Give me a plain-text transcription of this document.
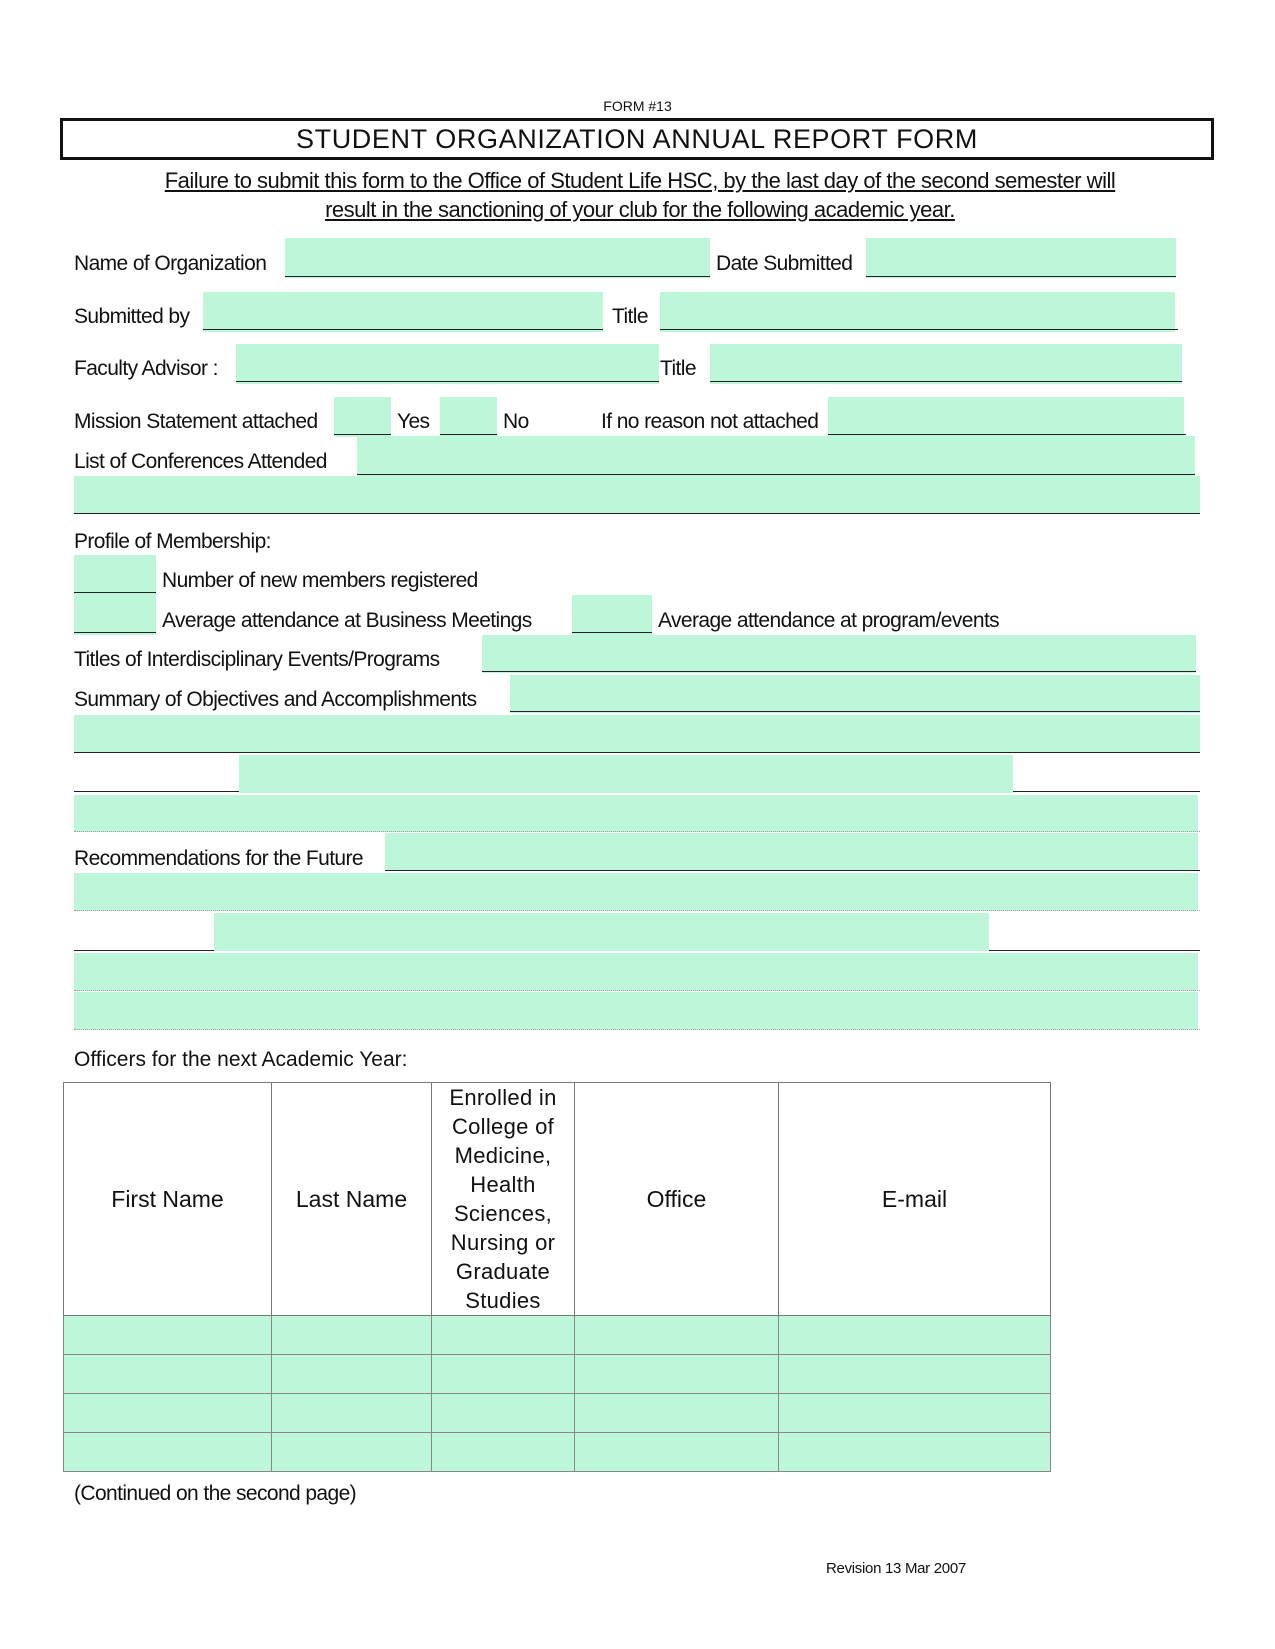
FORM #13
STUDENT ORGANIZATION ANNUAL REPORT FORM
Failure to submit this form to the Office of Student Life HSC, by the last day of the second semester will
result in the sanctioning of your club for the following academic year.
Name of Organization	Date Submitted
Submitted by	Title
Faculty Advisor :	Title
Mission Statement attached	Yes	No	If no reason not attached
List of Conferences Attended
Profile of Membership:
Number of new members registered
Average attendance at Business Meetings	Average attendance at program/events
Titles of Interdisciplinary Events/Programs
Summary of Objectives and Accomplishments
Recommendations for the Future
Officers for the next Academic Year:
First Name	Last Name	Enrolled in College of Medicine, Health Sciences, Nursing or Graduate Studies	Office	E-mail

(Continued on the second page)
Revision 13 Mar 2007
